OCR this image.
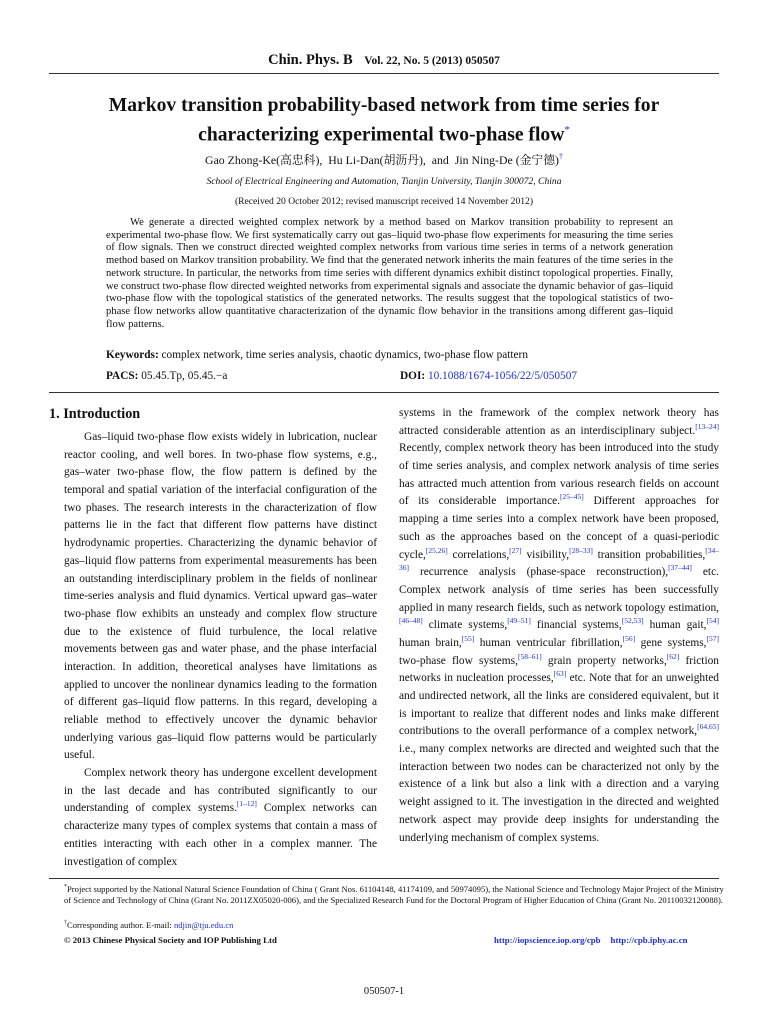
Chin. Phys. B Vol. 22, No. 5 (2013) 050507
Markov transition probability-based network from time series for
characterizing experimental two-phase flow*
Gao Zhong-Ke(高忠科), Hu Li-Dan(胡沥丹), and Jin Ning-De (金宁德)†
School of Electrical Engineering and Automation, Tianjin University, Tianjin 300072, China
(Received 20 October 2012; revised manuscript received 14 November 2012)
We generate a directed weighted complex network by a method based on Markov transition probability to represent an experimental two-phase flow. We first systematically carry out gas–liquid two-phase flow experiments for measuring the time series of flow signals. Then we construct directed weighted complex networks from various time series in terms of a network generation method based on Markov transition probability. We find that the generated network inherits the main features of the time series in the network structure. In particular, the networks from time series with different dynamics exhibit distinct topological properties. Finally, we construct two-phase flow directed weighted networks from experimental signals and associate the dynamic behavior of gas–liquid two-phase flow with the topological statistics of the generated networks. The results suggest that the topological statistics of two-phase flow networks allow quantitative characterization of the dynamic flow behavior in the transitions among different gas–liquid flow patterns.
Keywords: complex network, time series analysis, chaotic dynamics, two-phase flow pattern
PACS: 05.45.Tp, 05.45.−a	DOI: 10.1088/1674-1056/22/5/050507
1. Introduction

Gas–liquid two-phase flow exists widely in lubrication, nuclear reactor cooling, and well bores. In two-phase flow systems, e.g., gas–water two-phase flow, the flow pattern is defined by the temporal and spatial variation of the interfacial configuration of the two phases. The research interests in the characterization of flow patterns lie in the fact that different flow patterns have distinct hydrodynamic properties. Characterizing the dynamic behavior of gas–liquid flow patterns from experimental measurements has been an outstanding interdisciplinary problem in the fields of nonlinear time-series analysis and fluid dynamics. Vertical upward gas–water two-phase flow exhibits an unsteady and complex flow structure due to the existence of fluid turbulence, the local relative movements between gas and water phase, and the phase interfacial interaction. In addition, theoretical analyses have limitations as applied to uncover the nonlinear dynamics leading to the formation of different gas–liquid flow patterns. In this regard, developing a reliable method to effectively uncover the dynamic behavior underlying various gas–liquid flow patterns would be particularly useful.

Complex network theory has undergone excellent development in the last decade and has contributed significantly to our understanding of complex systems.[1–12] Complex networks can characterize many types of complex systems that contain a mass of entities interacting with each other in a complex manner. The investigation of complex

systems in the framework of the complex network theory has attracted considerable attention as an interdisciplinary subject.[13–24] Recently, complex network theory has been introduced into the study of time series analysis, and complex network analysis of time series has attracted much attention from various research fields on account of its considerable importance.[25–45] Different approaches for mapping a time series into a complex network have been proposed, such as the approaches based on the concept of a quasi-periodic cycle,[25,26] correlations,[27] visibility,[28–33] transition probabilities,[34–36] recurrence analysis (phase-space reconstruction),[37–44] etc. Complex network analysis of time series has been successfully applied in many research fields, such as network topology estimation,[46–48] climate systems,[49–51] financial systems,[52,53] human gait,[54] human brain,[55] human ventricular fibrillation,[56] gene systems,[57] two-phase flow systems,[58–61] grain property networks,[62] friction networks in nucleation processes,[63] etc. Note that for an unweighted and undirected network, all the links are considered equivalent, but it is important to realize that different nodes and links make different contributions to the overall performance of a complex network,[64,65] i.e., many complex networks are directed and weighted such that the interaction between two nodes can be characterized not only by the existence of a link but also a link with a direction and a varying weight assigned to it. The investigation in the directed and weighted network aspect may provide deep insights for understanding the underlying mechanism of complex systems.

*Project supported by the National Natural Science Foundation of China ( Grant Nos. 61104148, 41174109, and 50974095), the National Science and Technology Major Project of the Ministry of Science and Technology of China (Grant No. 2011ZX05020-006), and the Specialized Research Fund for the Doctoral Program of Higher Education of China (Grant No. 20110032120088).
†Corresponding author. E-mail: ndjin@tju.edu.cn
© 2013 Chinese Physical Society and IOP Publishing Ltd	http://iopscience.iop.org/cpb http://cpb.iphy.ac.cn
050507-1
